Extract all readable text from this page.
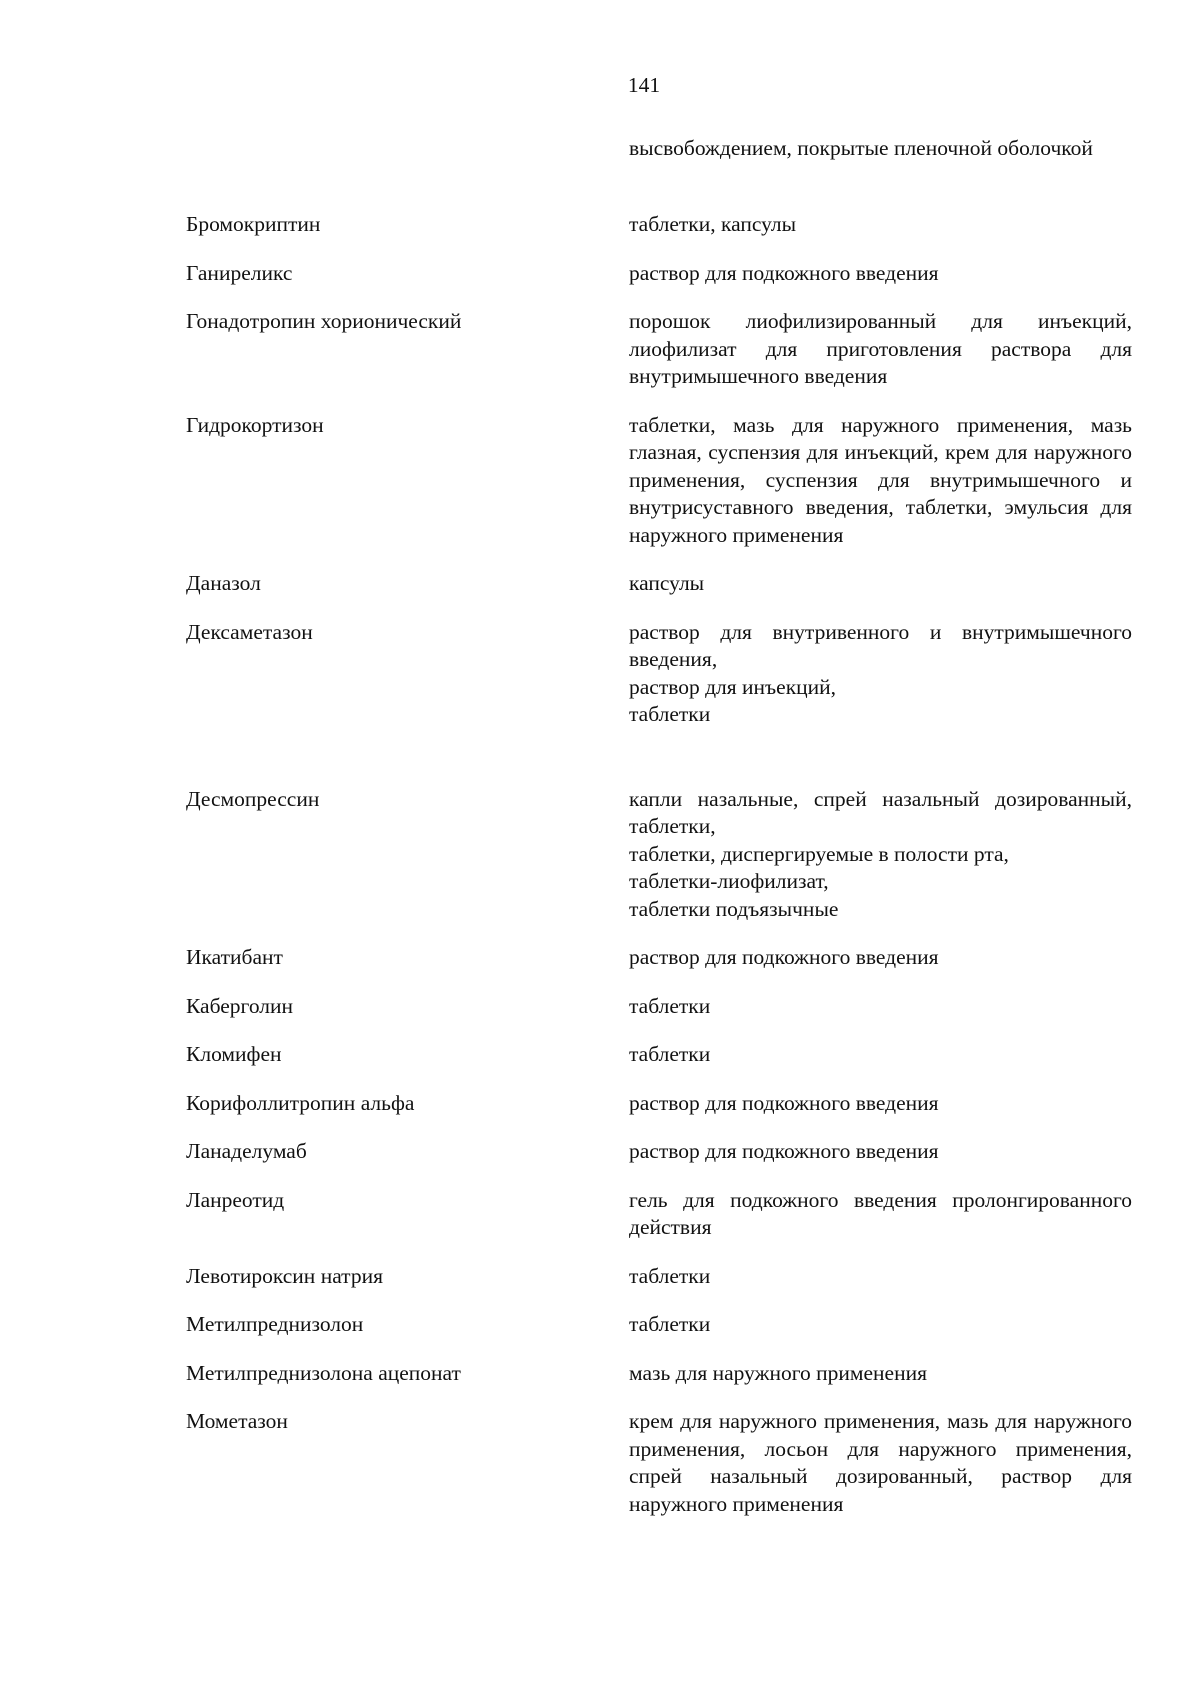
141
высвобождением, покрытые пленочной оболочкой
Бромокриптин	таблетки, капсулы
Ганиреликс	раствор для подкожного введения
Гонадотропин хорионический	порошок лиофилизированный для инъекций, лиофилизат для приготовления раствора для внутримышечного введения
Гидрокортизон	таблетки, мазь для наружного применения, мазь глазная, суспензия для инъекций, крем для наружного применения, суспензия для внутримышечного и внутрисуставного введения, таблетки, эмульсия для наружного применения
Даназол	капсулы
Дексаметазон	раствор для внутривенного и внутримышечного введения,
раствор для инъекций,
таблетки
Десмопрессин	капли назальные, спрей назальный дозированный, таблетки,
таблетки, диспергируемые в полости рта,
таблетки-лиофилизат,
таблетки подъязычные
Икатибант	раствор для подкожного введения
Каберголин	таблетки
Кломифен	таблетки
Корифоллитропин альфа	раствор для подкожного введения
Ланаделумаб	раствор для подкожного введения
Ланреотид	гель для подкожного введения пролонгированного действия
Левотироксин натрия	таблетки
Метилпреднизолон	таблетки
Метилпреднизолона ацепонат	мазь для наружного применения
Мометазон	крем для наружного применения, мазь для наружного применения, лосьон для наружного применения, спрей назальный дозированный, раствор для наружного применения
